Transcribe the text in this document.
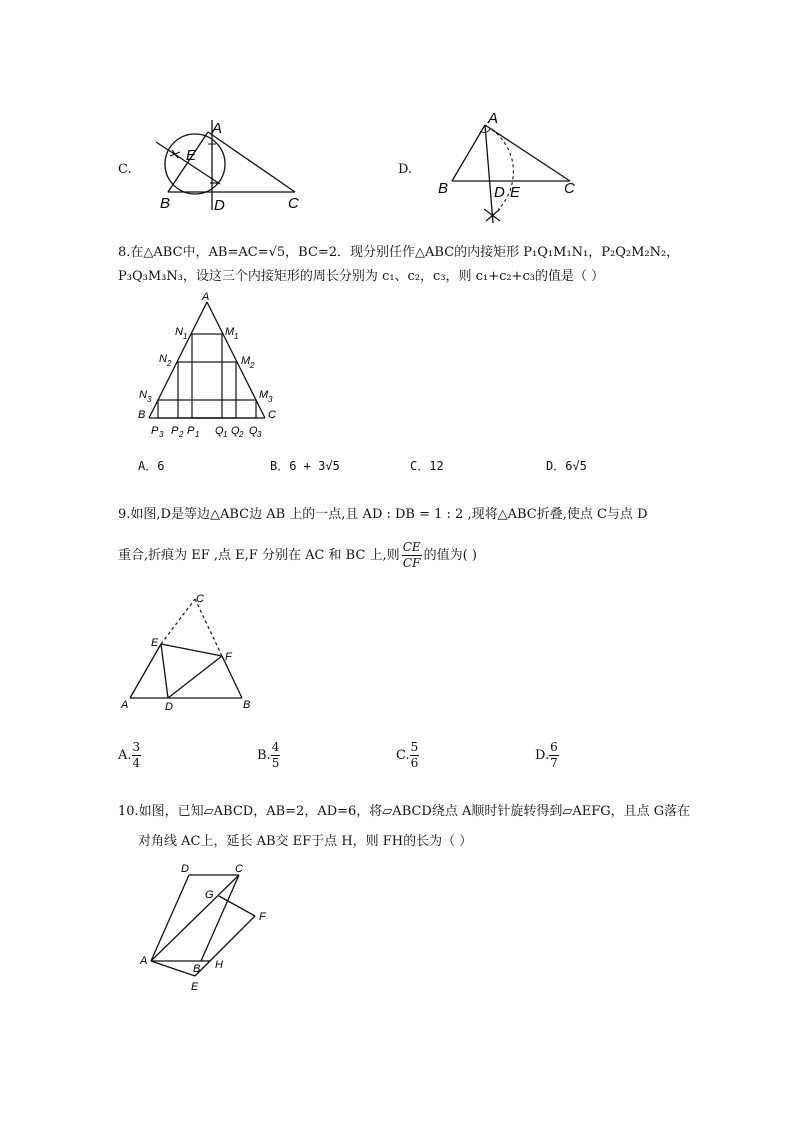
C.
A
E
B	D	C
D.
A
B	D E	C
8.在△ABC中，AB=AC=√5，BC=2．现分别任作△ABC的内接矩形 P₁Q₁M₁N₁，P₂Q₂M₂N₂，
P₃Q₃M₃N₃，设这三个内接矩形的周长分别为 c₁、c₂，c₃，则 c₁+c₂+c₃的值是（ ）
A
N 1	M 1
N 2	M 2
N 3	M 3
B	C
P 3 P 2 P 1 Q 1 Q 2 Q 3
A．6	B．6 + 3√5	C．12	D．6√5
9.如图,D是等边△ABC边 AB 上的一点,且 AD : DB = 1 : 2 ,现将△ABC折叠,使点 C与点 D
重合,折痕为 EF ,点 E,F 分别在 AC 和 BC 上,则 $\frac{CE}{CF}$ 的值为( )
C
E
F
A	D	B
A. $\frac{3}{4}$	B. $\frac{4}{5}$	C. $\frac{5}{6}$	D. $\frac{6}{7}$
10.如图，已知▱ABCD，AB=2，AD=6，将▱ABCD绕点 A顺时针旋转得到▱AEFG，且点 G落在
对角线 AC上，延长 AB交 EF于点 H，则 FH的长为（ ）
D	C
G
F
A
B H
E
